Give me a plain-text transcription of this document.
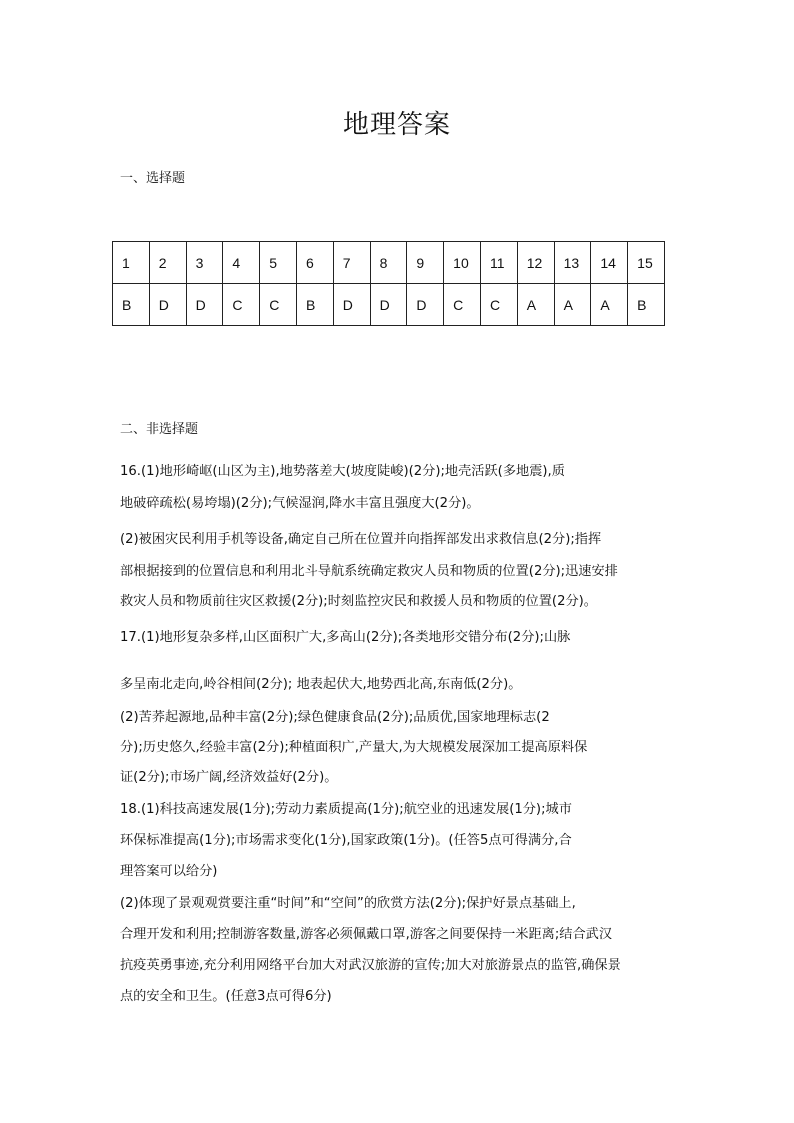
地理答案
一、选择题
1	2	3	4	5	6	7	8	9	10	11	12	13	14	15
B	D	D	C	C	B	D	D	D	C	C	A	A	A	B
二、非选择题
16.(1)地形崎岖(山区为主),地势落差大(坡度陡峻)(2分);地壳活跃(多地震),质
地破碎疏松(易垮塌)(2分);气候湿润,降水丰富且强度大(2分)。
(2)被困灾民利用手机等设备,确定自己所在位置并向指挥部发出求救信息(2分);指挥
部根据接到的位置信息和利用北斗导航系统确定救灾人员和物质的位置(2分);迅速安排
救灾人员和物质前往灾区救援(2分);时刻监控灾民和救援人员和物质的位置(2分)。
17.(1)地形复杂多样,山区面积广大,多高山(2分);各类地形交错分布(2分);山脉
多呈南北走向,岭谷相间(2分); 地表起伏大,地势西北高,东南低(2分)。
(2)苦荞起源地,品种丰富(2分);绿色健康食品(2分);品质优,国家地理标志(2
分);历史悠久,经验丰富(2分);种植面积广,产量大,为大规模发展深加工提高原料保
证(2分);市场广阔,经济效益好(2分)。
18.(1)科技高速发展(1分);劳动力素质提高(1分);航空业的迅速发展(1分);城市
环保标准提高(1分);市场需求变化(1分),国家政策(1分)。(任答5点可得满分,合
理答案可以给分)
(2)体现了景观观赏要注重“时间”和“空间”的欣赏方法(2分);保护好景点基础上,
合理开发和利用;控制游客数量,游客必须佩戴口罩,游客之间要保持一米距离;结合武汉
抗疫英勇事迹,充分利用网络平台加大对武汉旅游的宣传;加大对旅游景点的监管,确保景
点的安全和卫生。(任意3点可得6分)
